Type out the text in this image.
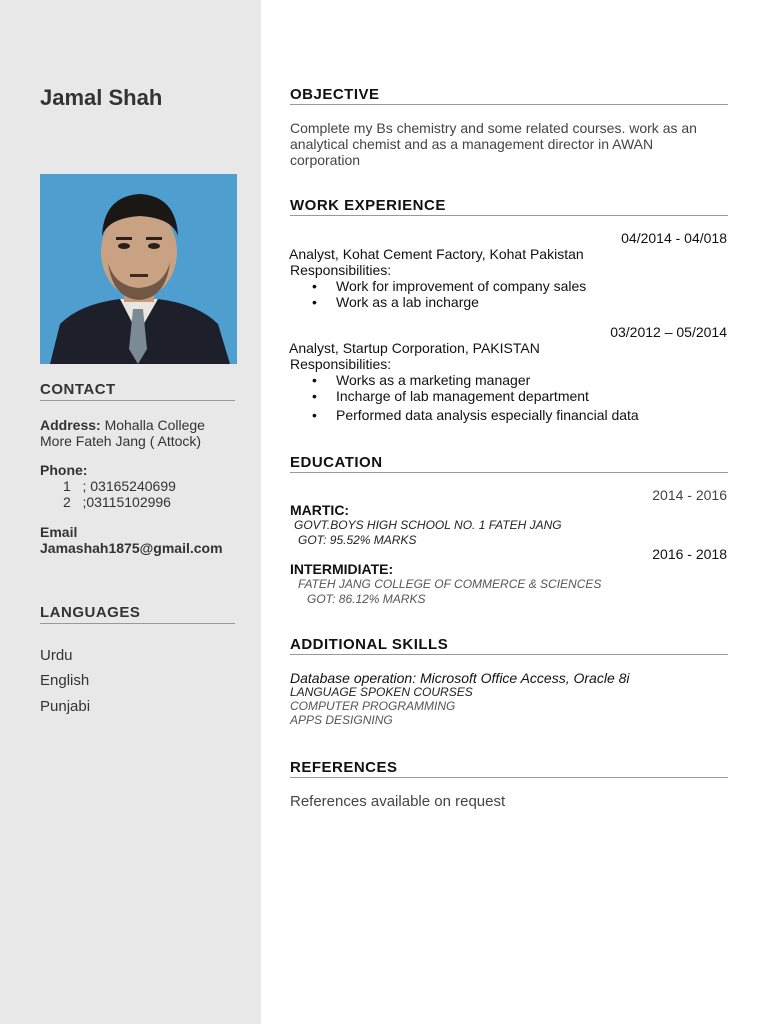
Jamal Shah
CONTACT
Address: Mohalla College
More Fateh Jang ( Attock)
Phone:
1 ; 03165240699
2 ;03115102996
Email
Jamashah1875@gmail.com
LANGUAGES
Urdu
English
Punjabi
OBJECTIVE
Complete my Bs chemistry and some related courses. work as an
analytical chemist and as a management director in AWAN
corporation
WORK EXPERIENCE
04/2014 - 04/018
Analyst, Kohat Cement Factory, Kohat Pakistan
Responsibilities:
• Work for improvement of company sales
• Work as a lab incharge
03/2012 – 05/2014
Analyst, Startup Corporation, PAKISTAN
Responsibilities:
• Works as a marketing manager
• Incharge of lab management department
• Performed data analysis especially financial data
EDUCATION
2014 - 2016
MARTIC:
GOVT.BOYS HIGH SCHOOL NO. 1 FATEH JANG
GOT: 95.52% MARKS
2016 - 2018
INTERMIDIATE:
FATEH JANG COLLEGE OF COMMERCE & SCIENCES
GOT: 86.12% MARKS
ADDITIONAL SKILLS
Database operation: Microsoft Office Access, Oracle 8i
LANGUAGE SPOKEN COURSES
COMPUTER PROGRAMMING
APPS DESIGNING
REFERENCES
References available on request
